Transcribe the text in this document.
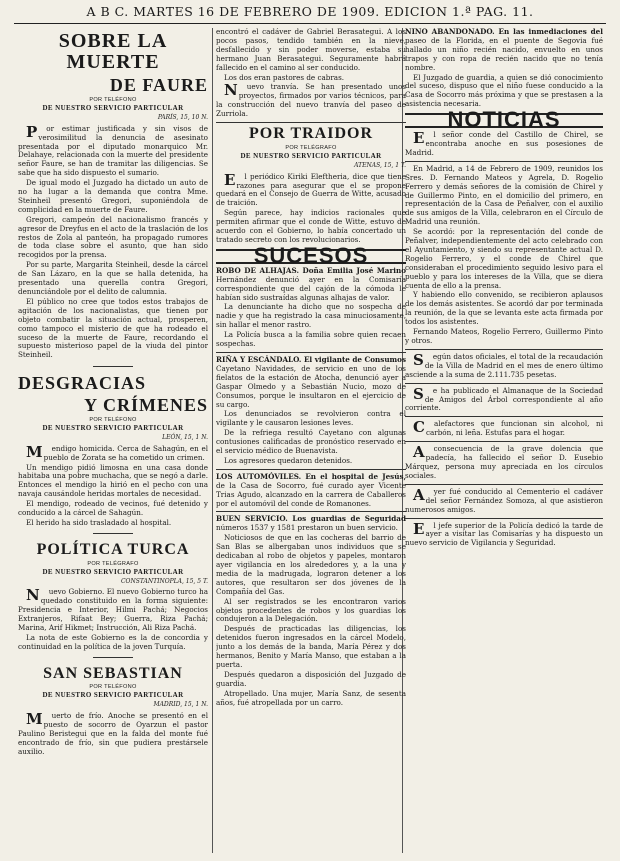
A B C. MARTES 16 DE FEBRERO DE 1909. EDICION 1.ª PAG. 11.
SOBRE LA MUERTE
DE FAURE

POR TELÉFONO

DE NUESTRO SERVICIO PARTICULAR

PARÍS, 15, 10 N.

Por estimar justificada y sin visos de verosimilitud la denuncia de asesinato presentada por el diputado monarquico Mr. Delahaye, relacionada con la muerte del presidente señor Faure, se han de tramitar las diligencias. Se sabe que ha sido dispuesto el sumario.

De igual modo el Juzgado ha dictado un auto de no ha lugar a la demanda que contra Mme. Steinheil presentó Gregori, suponiéndola de complicidad en la muerte de Faure.

Gregori, campeón del nacionalismo francés y agresor de Dreyfus en el acto de la traslación de los restos de Zola al panteón, ha propagado rumores de toda clase sobre el asunto, que han sido recogidos por la prensa.

Por su parte, Margarita Steinheil, desde la cárcel de San Lázaro, en la que se halla detenida, ha presentado una querella contra Gregori, denunciándole por el delito de calumnia.

El público no cree que todos estos trabajos de agitación de los nacionalistas, que tienen por objeto combatir la situación actual, prosperen, como tampoco el misterio de que ha rodeado el suceso de la muerte de Faure, recordando el supuesto misterioso papel de la viuda del pintor Steinheil.

DESGRACIAS
Y CRÍMENES

POR TELÉFONO

DE NUESTRO SERVICIO PARTICULAR

LEÓN, 15, 1 N.

Mendigo homicida. Cerca de Sahagún, en el pueblo de Zorata se ha cometido un crimen.

Un mendigo pidió limosna en una casa donde habitaba una pobre muchacha, que se negó a darle. Entonces el mendigo la hirió en el pecho con una navaja causándole heridas mortales de necesidad.

El mendigo, rodeado de vecinos, fué detenido y conducido a la cárcel de Sahagún.

El herido ha sido trasladado al hospital.

POLÍTICA TURCA

POR TELÉGRAFO

DE NUESTRO SERVICIO PARTICULAR

CONSTANTINOPLA, 15, 5 T.

Nuevo Gobierno. El nuevo Gobierno turco ha quedado constituido en la forma siguiente: Presidencia e Interior, Hilmi Pachá; Negocios Extranjeros, Rifaat Bey; Guerra, Riza Pachá; Marina, Arif Hikmet; Instrucción, Ali Riza Pachá.

La nota de este Gobierno es la de concordia y continuidad en la política de la joven Turquía.

SAN SEBASTIAN

POR TELÉFONO

DE NUESTRO SERVICIO PARTICULAR

MADRID, 15, 1 N.

Muerto de frío. Anoche se presentó en el puesto de socorro de Oyarzun el pastor Paulino Beristegui que en la falda del monte fué encontrado de frío, sin que pudiera prestársele auxilio.

encontró el cadáver de Gabriel Berasategui. A los pocos pasos, tendido también en la nieve, desfallecido y sin poder moverse, estaba su hermano Juan Berasategui. Seguramente habrá fallecido en el camino al ser conducido.

Los dos eran pastores de cabras.

Nuevo tranvía. Se han presentado unos proyectos, firmados por varios técnicos, para la construcción del nuevo tranvía del paseo de Zurriola.

POR TRAIDOR

POR TELÉGRAFO

DE NUESTRO SERVICIO PARTICULAR

ATENAS, 15, 1 T.

El periódico Kiriki Eleftheria, dice que tiene razones para asegurar que el se propone quedará en el Consejo de Guerra de Witte, acusado de traición.

Según parece, hay indicios racionales que permiten afirmar que el conde de Witte, estuvo de acuerdo con el Gobierno, lo había concertado un tratado secreto con los revolucionarios.

SUCESOS

ROBO DE ALHAJAS. Doña Emilia José Marino Hernández denunció ayer en la Comisaría correspondiente que del cajón de la cómoda le habían sido sustraídas algunas alhajas de valor.

La denunciante ha dicho que no sospecha de nadie y que ha registrado la casa minuciosamente, sin hallar el menor rastro.

La Policía busca a la familia sobre quien recaen sospechas.

RIÑA Y ESCÁNDALO. El vigilante de Consumos Cayetano Navidades, de servicio en uno de los fielatos de la estación de Atocha, denunció ayer a Gaspar Olmedo y a Sebastián Nucio, mozo de Consumos, porque le insultaron en el ejercicio de su cargo.

Los denunciados se revolvieron contra el vigilante y le causaron lesiones leves.

De la refriega resultó Cayetano con algunas contusiones calificadas de pronóstico reservado en el servicio médico de Buenavista.

Los agresores quedaron detenidos.

LOS AUTOMÓVILES. En el hospital de Jesús, de la Casa de Socorro, fué curado ayer Vicente Trias Agudo, alcanzado en la carrera de Caballeros por el automóvil del conde de Romanones.

BUEN SERVICIO. Los guardias de Seguridad números 1537 y 1581 prestaron un buen servicio.

Noticiosos de que en las cocheras del barrio de San Blas se albergaban unos individuos que se dedicaban al robo de objetos y papeles, montaron ayer vigilancia en los alrededores y, a la una y media de la madrugada, lograron detener a los autores, que resultaron ser dos jóvenes de la Compañía del Gas.

Al ser registrados se les encontraron varios objetos procedentes de robos y los guardias los condujeron a la Delegación.

Después de practicadas las diligencias, los detenidos fueron ingresados en la cárcel Modelo, junto a los demás de la banda, María Pérez y dos hermanos, Benito y María Manso, que estaban a la puerta.

Después quedaron a disposición del Juzgado de guardia.

Atropellado. Una mujer, María Sanz, de sesenta años, fué atropellada por un carro.

NIÑO ABANDONADO. En las inmediaciones del paseo de la Florida, en el puente de Segovia fué hallado un niño recién nacido, envuelto en unos trapos y con ropa de recién nacido que no tenía nombre.

El Juzgado de guardia, a quien se dió conocimiento del suceso, dispuso que el niño fuese conducido a la Casa de Socorro más próxima y que se prestasen a la asistencia necesaria.

NOTICIAS

El señor conde del Castillo de Chirel, se encontraba anoche en sus posesiones de Madrid.

En Madrid, a 14 de Febrero de 1909, reunidos los Sres. D. Fernando Mateos y Agrela, D. Rogelio Ferrero y demás señores de la comisión de Chirel y de Guillermo Pinto, en el domicilio del primero, en representación de la Casa de Peñalver, con el auxilio de sus amigos de la Villa, celebraron en el Círculo de Madrid una reunión.

Se acordó: por la representación del conde de Peñalver, independientemente del acto celebrado con el Ayuntamiento, y siendo su representante actual D. Rogelio Ferrero, y el conde de Chirel que consideraban el procedimiento seguido lesivo para el pueblo y para los intereses de la Villa, que se diera cuenta de ello a la prensa.

Y habiendo ello convenido, se recibieron aplausos de los demás asistentes. Se acordó dar por terminada la reunión, de la que se levanta este acta firmada por todos los asistentes.

Fernando Mateos, Rogelio Ferrero, Guillermo Pinto y otros.

Según datos oficiales, el total de la recaudación de la Villa de Madrid en el mes de enero último asciende a la suma de 2.111.735 pesetas.

Se ha publicado el Almanaque de la Sociedad de Amigos del Árbol correspondiente al año corriente.

Calefactores que funcionan sin alcohol, ni carbón, ni leña. Estufas para el hogar.

Aconsecuencia de la grave dolencia que padecía, ha fallecido el señor D. Eusebio Márquez, persona muy apreciada en los círculos sociales.

Ayer fué conducido al Cementerio el cadáver del señor Fernández Somoza, al que asistieron numerosos amigos.

El jefe superior de la Policía dedicó la tarde de ayer a visitar las Comisarías y ha dispuesto un nuevo servicio de Vigilancia y Seguridad.
